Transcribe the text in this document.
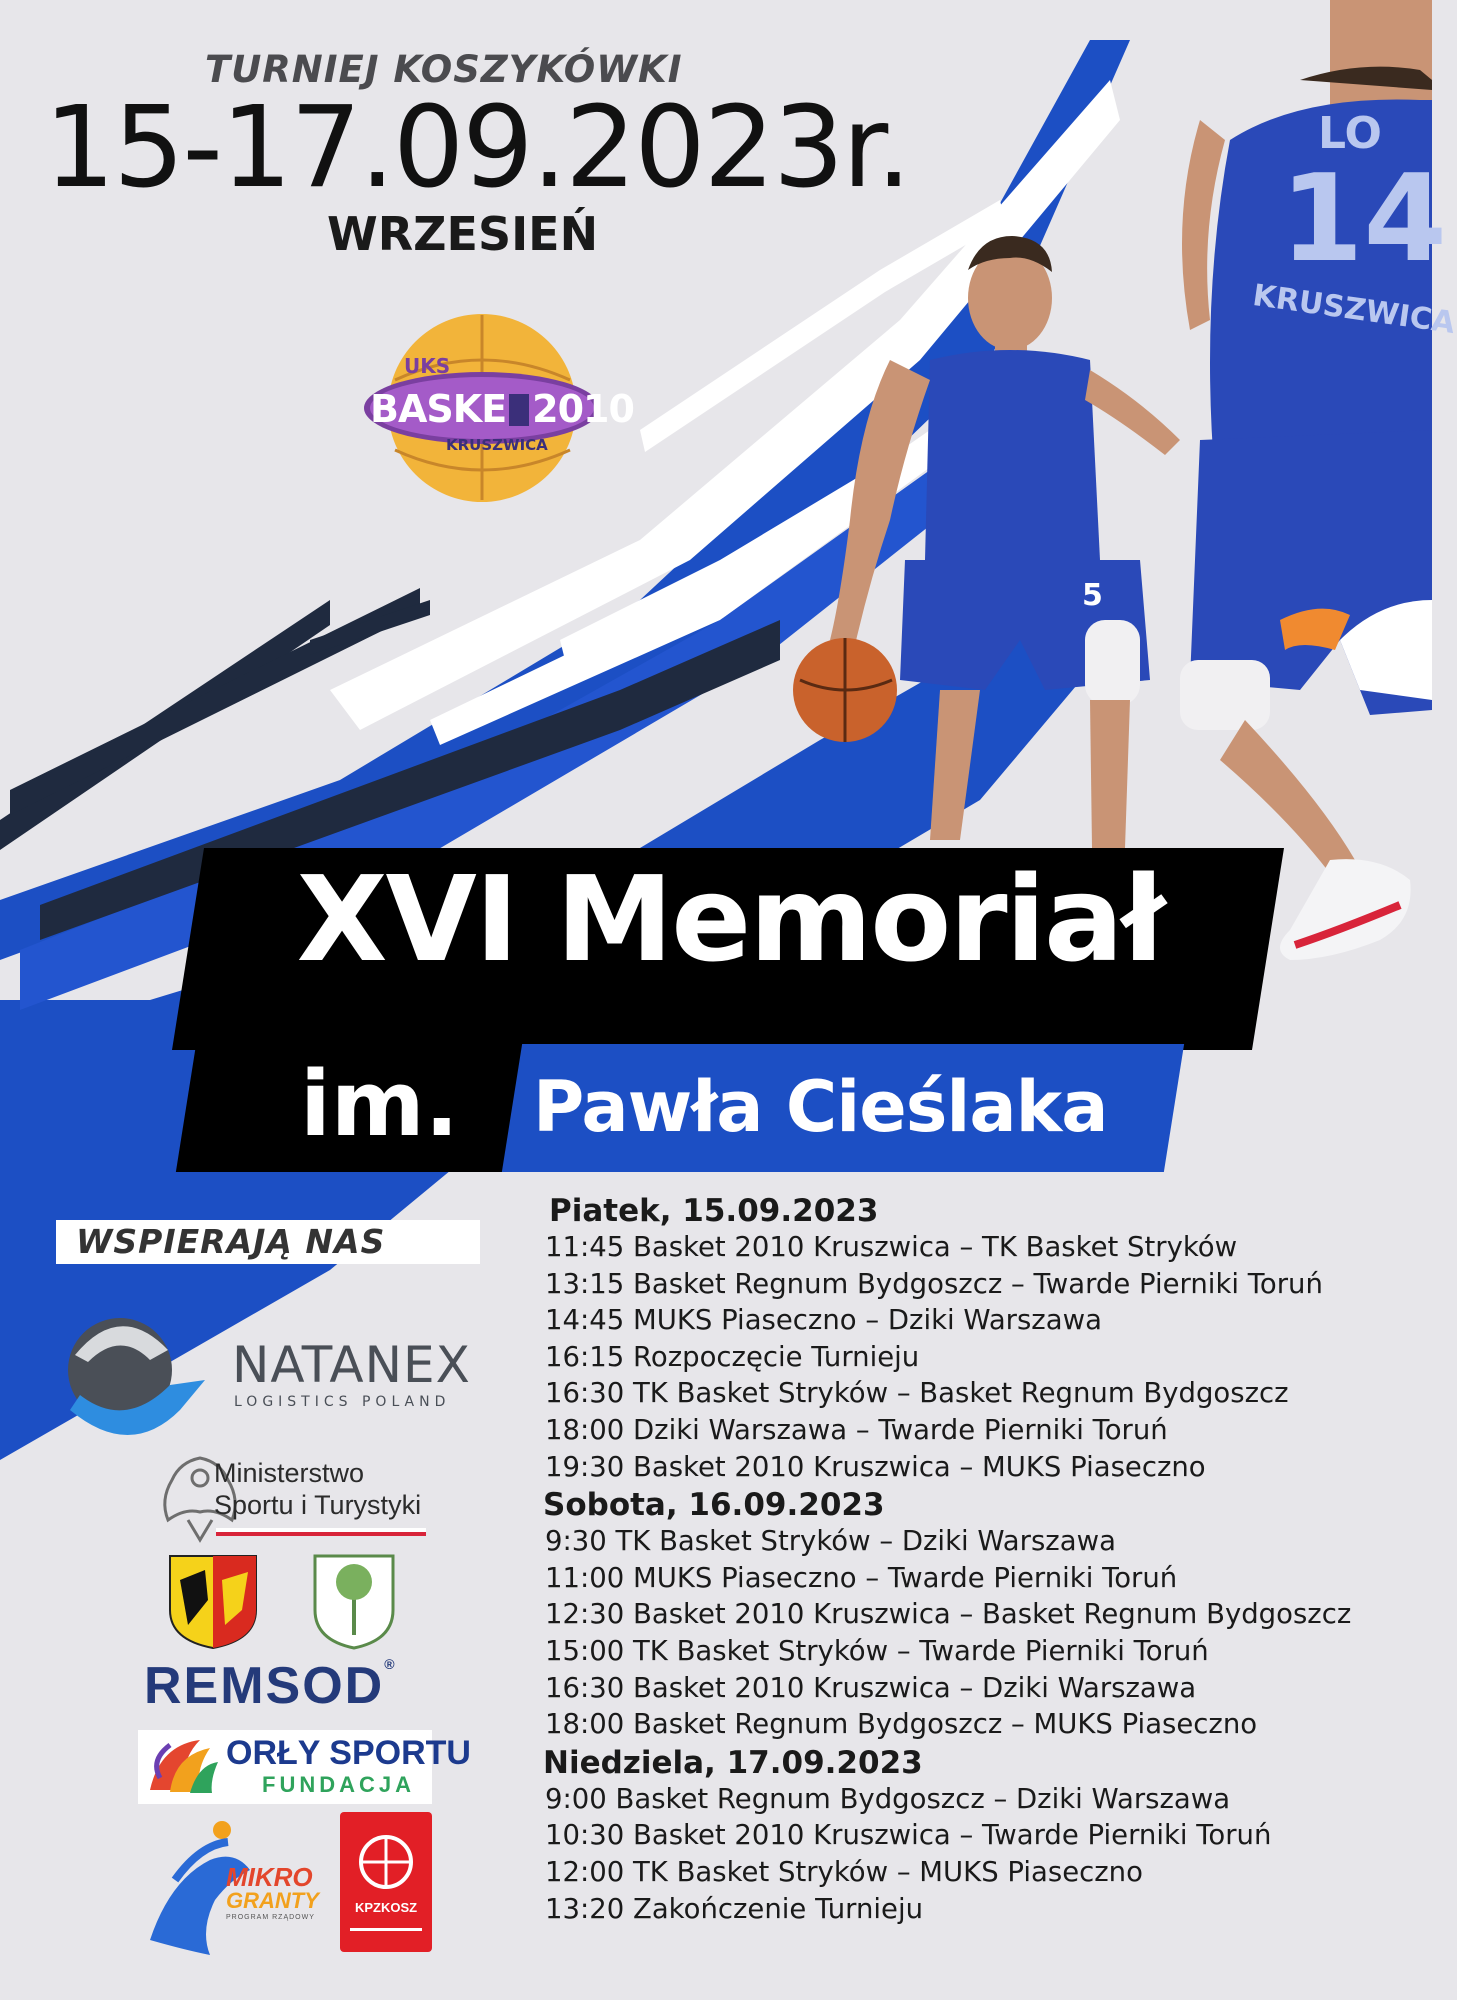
TURNIEJ KOSZYKÓWKI
15-17.09.2023r.
WRZESIEŃ
UKS
BASKE 2010
KRUSZWICA
LO
14
KRUSZWICA
5
XVI Memoriał
im. Pawła Cieślaka
WSPIERAJĄ NAS
NATANEX
LOGISTICS POLAND
Ministerstwo
Sportu i Turystyki
REMSOD®
ORŁY SPORTU
FUNDACJA
MIKRO
GRANTY
PROGRAM RZĄDOWY
KPZKOSZ
Piatek, 15.09.2023
11:45 Basket 2010 Kruszwica – TK Basket Stryków
13:15 Basket Regnum Bydgoszcz – Twarde Pierniki Toruń
14:45 MUKS Piaseczno – Dziki Warszawa
16:15 Rozpoczęcie Turnieju
16:30 TK Basket Stryków – Basket Regnum Bydgoszcz
18:00 Dziki Warszawa – Twarde Pierniki Toruń
19:30 Basket 2010 Kruszwica – MUKS Piaseczno
Sobota, 16.09.2023
9:30 TK Basket Stryków – Dziki Warszawa
11:00 MUKS Piaseczno – Twarde Pierniki Toruń
12:30 Basket 2010 Kruszwica – Basket Regnum Bydgoszcz
15:00 TK Basket Stryków – Twarde Pierniki Toruń
16:30 Basket 2010 Kruszwica – Dziki Warszawa
18:00 Basket Regnum Bydgoszcz – MUKS Piaseczno
Niedziela, 17.09.2023
9:00 Basket Regnum Bydgoszcz – Dziki Warszawa
10:30 Basket 2010 Kruszwica – Twarde Pierniki Toruń
12:00 TK Basket Stryków – MUKS Piaseczno
13:20 Zakończenie Turnieju
